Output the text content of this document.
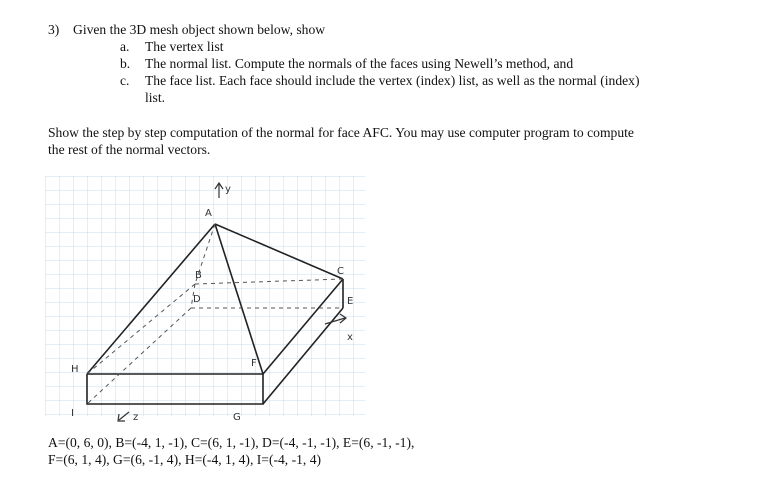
3) Given the 3D mesh object shown below, show
a. The vertex list
b. The normal list. Compute the normals of the faces using Newell’s method, and
c. The face list. Each face should include the vertex (index) list, as well as the normal (index)
list.
Show the step by step computation of the normal for face AFC. You may use computer program to compute
the rest of the normal vectors.
y
x
z
A
B	C
D	E
F
G
H
I
A=(0, 6, 0), B=(-4, 1, -1), C=(6, 1, -1), D=(-4, -1, -1), E=(6, -1, -1),
F=(6, 1, 4), G=(6, -1, 4), H=(-4, 1, 4), I=(-4, -1, 4)
